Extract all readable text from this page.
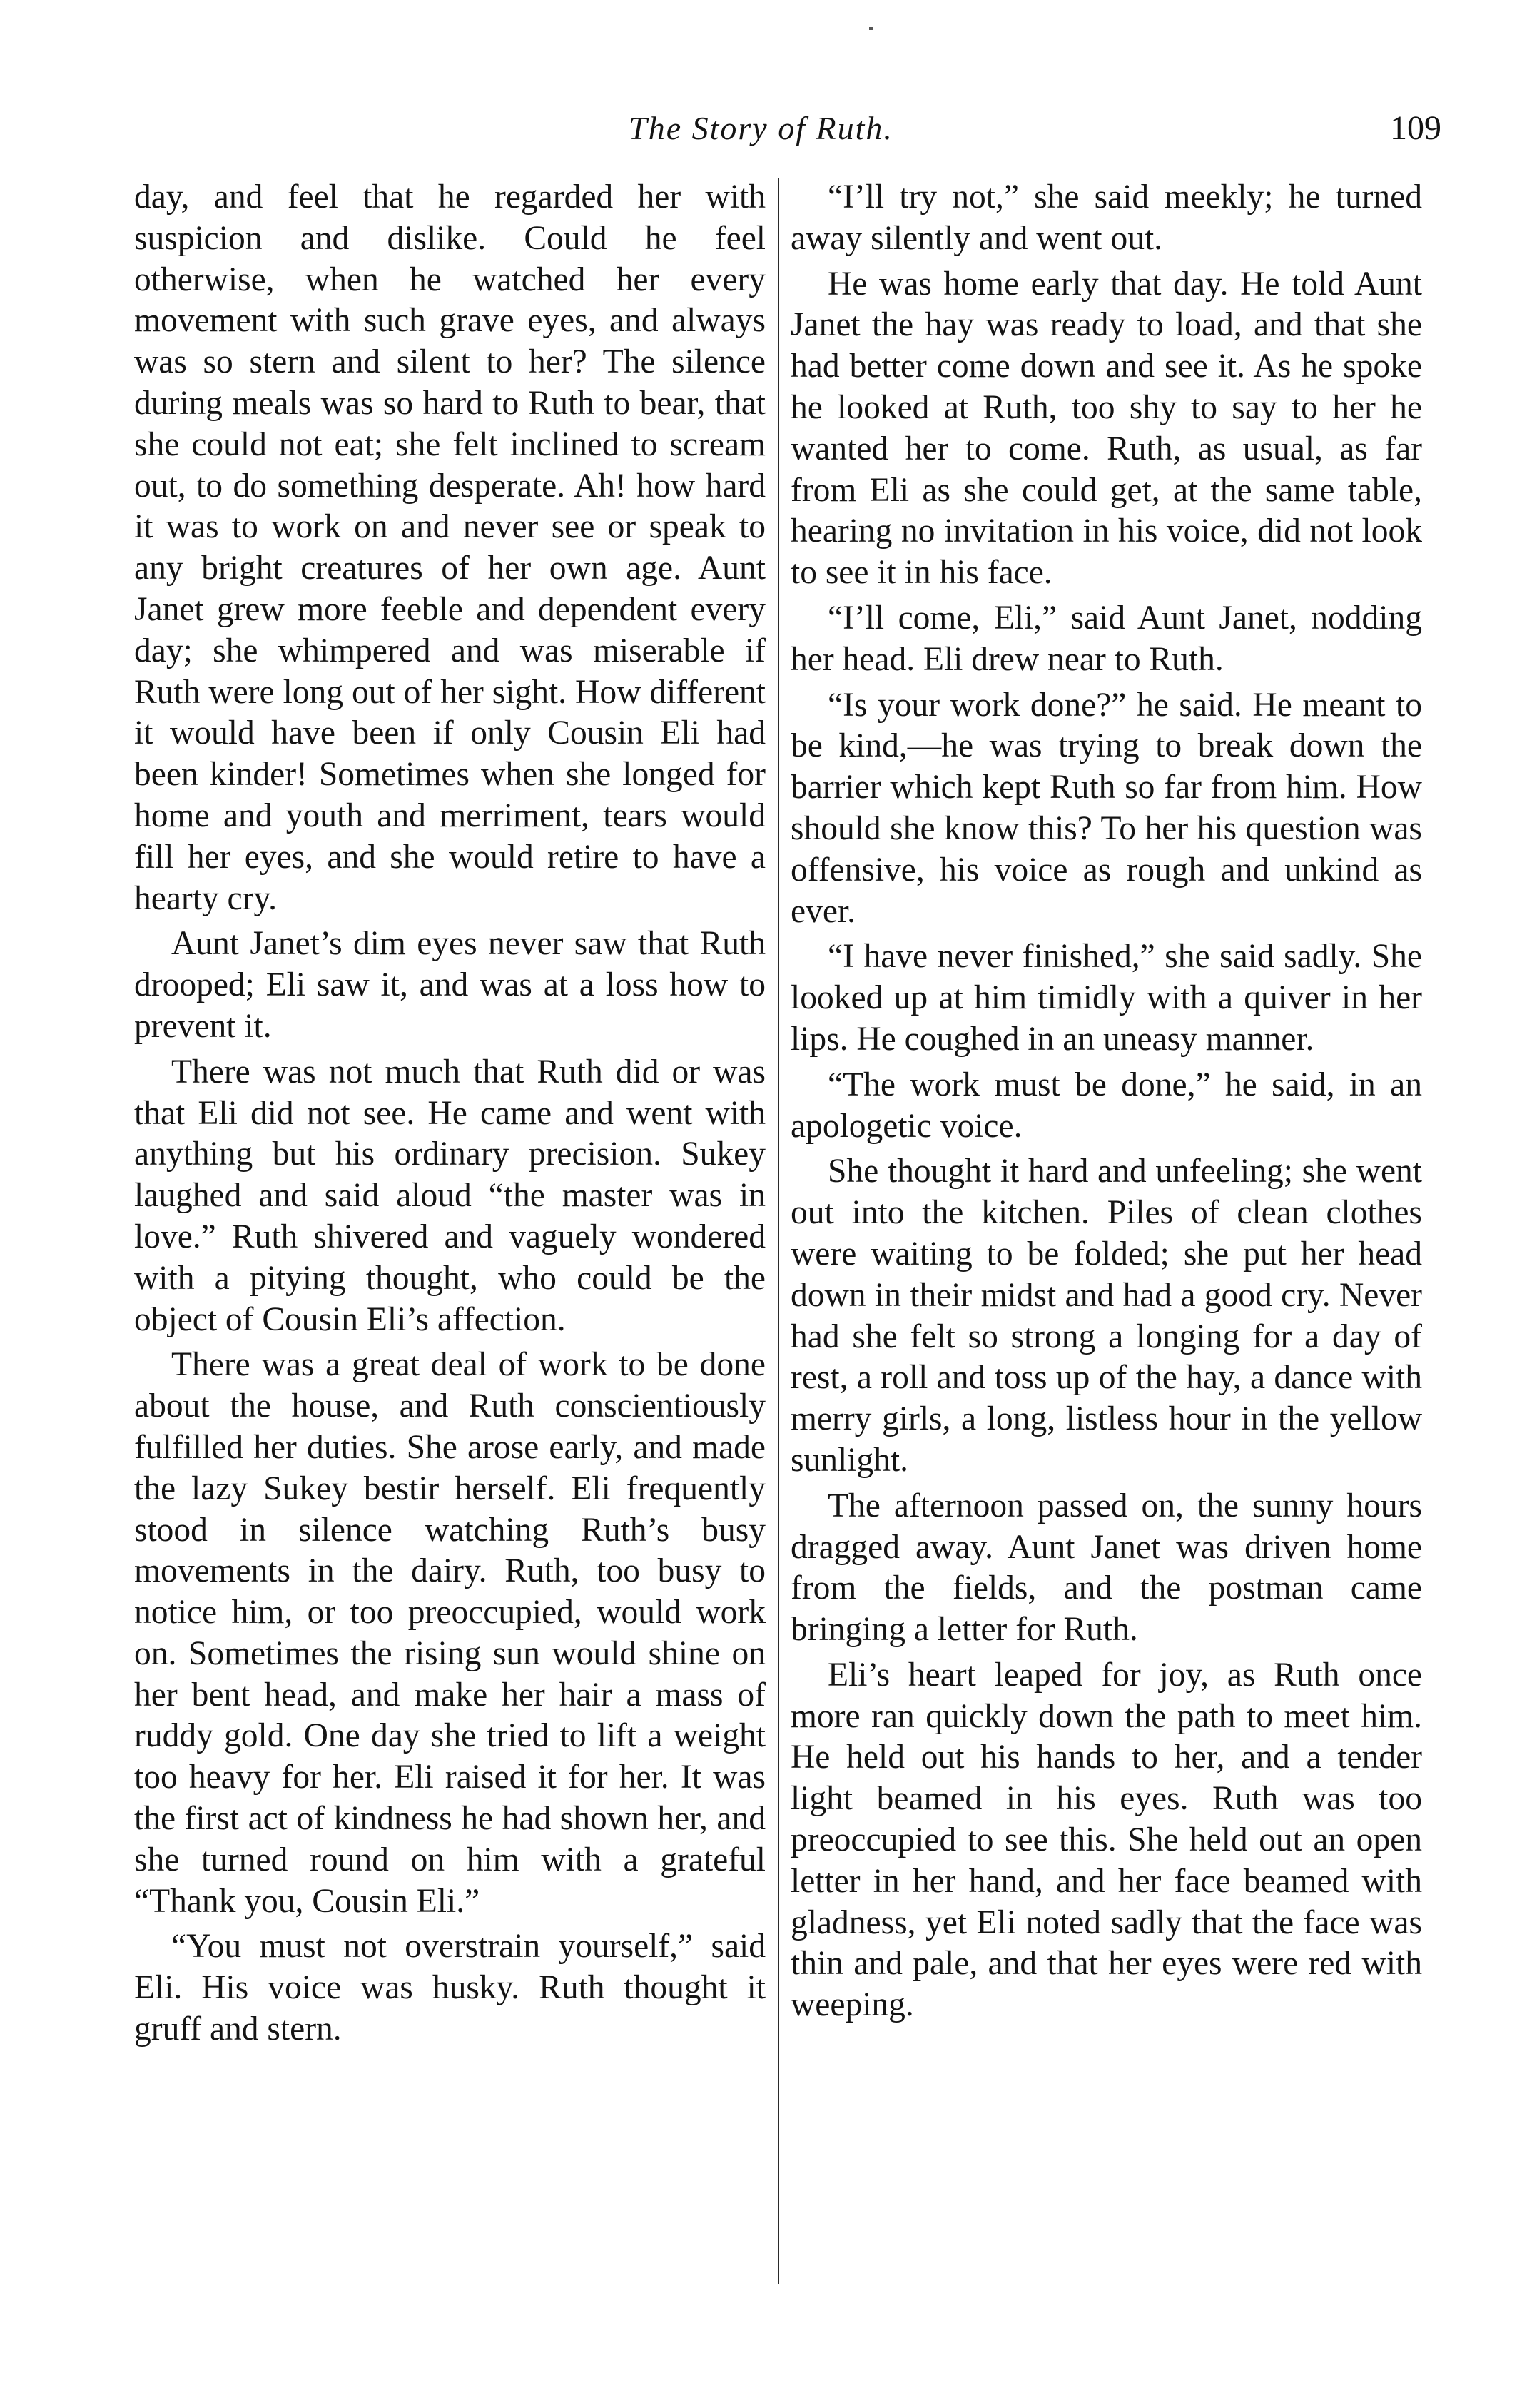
The Story of Ruth.	109

day, and feel that he regarded her with suspicion and dislike. Could he feel otherwise, when he watched her every movement with such grave eyes, and always was so stern and silent to her? The silence during meals was so hard to Ruth to bear, that she could not eat; she felt inclined to scream out, to do something desperate. Ah! how hard it was to work on and never see or speak to any bright creatures of her own age. Aunt Janet grew more feeble and dependent every day; she whimpered and was miserable if Ruth were long out of her sight. How different it would have been if only Cousin Eli had been kinder! Sometimes when she longed for home and youth and merriment, tears would fill her eyes, and she would retire to have a hearty cry.

Aunt Janet’s dim eyes never saw that Ruth drooped; Eli saw it, and was at a loss how to prevent it.

There was not much that Ruth did or was that Eli did not see. He came and went with anything but his ordinary precision. Sukey laughed and said aloud “the master was in love.” Ruth shivered and vaguely wondered with a pitying thought, who could be the object of Cousin Eli’s affection.

There was a great deal of work to be done about the house, and Ruth conscientiously fulfilled her duties. She arose early, and made the lazy Sukey bestir herself. Eli frequently stood in silence watching Ruth’s busy movements in the dairy. Ruth, too busy to notice him, or too preoccupied, would work on. Sometimes the rising sun would shine on her bent head, and make her hair a mass of ruddy gold. One day she tried to lift a weight too heavy for her. Eli raised it for her. It was the first act of kindness he had shown her, and she turned round on him with a grateful “Thank you, Cousin Eli.”

“You must not overstrain yourself,” said Eli. His voice was husky. Ruth thought it gruff and stern.

“I’ll try not,” she said meekly; he turned away silently and went out.

He was home early that day. He told Aunt Janet the hay was ready to load, and that she had better come down and see it. As he spoke he looked at Ruth, too shy to say to her he wanted her to come. Ruth, as usual, as far from Eli as she could get, at the same table, hearing no invitation in his voice, did not look to see it in his face.

“I’ll come, Eli,” said Aunt Janet, nodding her head. Eli drew near to Ruth.

“Is your work done?” he said. He meant to be kind,—he was trying to break down the barrier which kept Ruth so far from him. How should she know this? To her his question was offensive, his voice as rough and unkind as ever.

“I have never finished,” she said sadly. She looked up at him timidly with a quiver in her lips. He coughed in an uneasy manner.

“The work must be done,” he said, in an apologetic voice.

She thought it hard and unfeeling; she went out into the kitchen. Piles of clean clothes were waiting to be folded; she put her head down in their midst and had a good cry. Never had she felt so strong a longing for a day of rest, a roll and toss up of the hay, a dance with merry girls, a long, listless hour in the yellow sunlight.

The afternoon passed on, the sunny hours dragged away. Aunt Janet was driven home from the fields, and the postman came bringing a letter for Ruth.

Eli’s heart leaped for joy, as Ruth once more ran quickly down the path to meet him. He held out his hands to her, and a tender light beamed in his eyes. Ruth was too preoccupied to see this. She held out an open letter in her hand, and her face beamed with gladness, yet Eli noted sadly that the face was thin and pale, and that her eyes were red with weeping.
